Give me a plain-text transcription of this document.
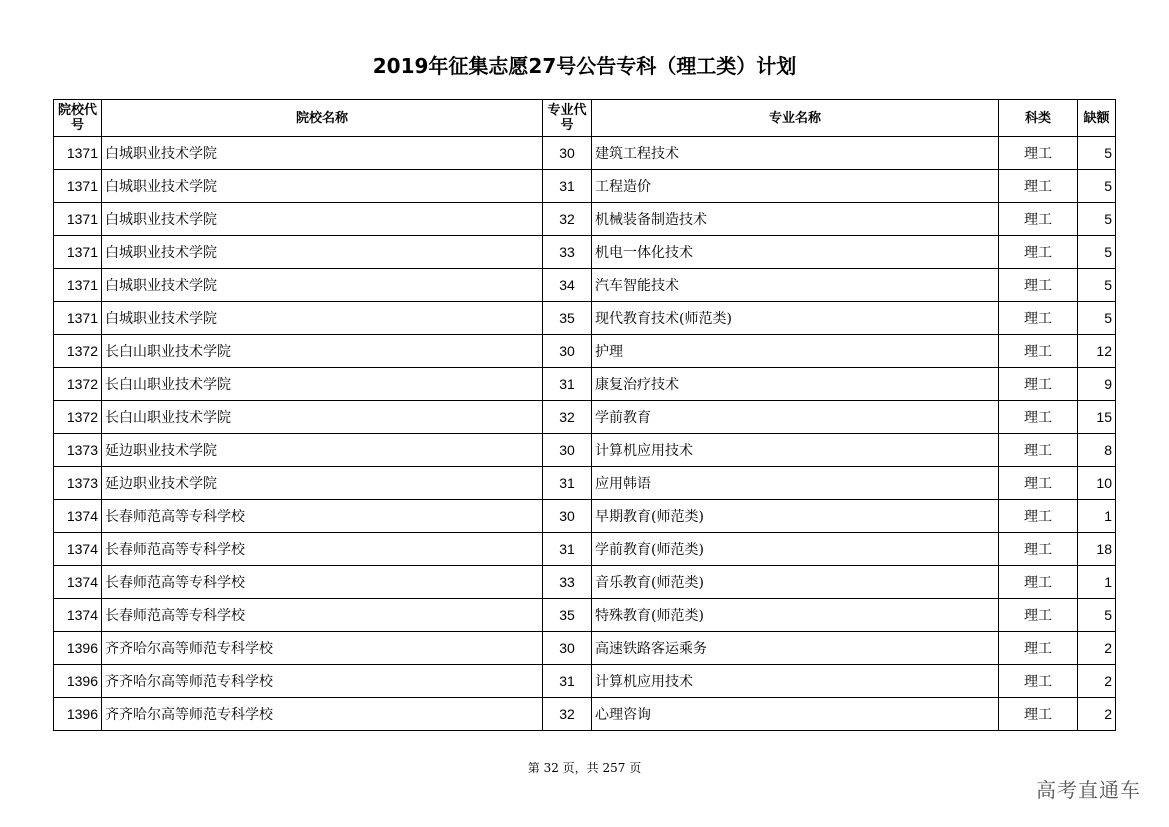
2019年征集志愿27号公告专科（理工类）计划
院校代号	院校名称	专业代号	专业名称	科类	缺额
1371	白城职业技术学院	30	建筑工程技术	理工	5
1371	白城职业技术学院	31	工程造价	理工	5
1371	白城职业技术学院	32	机械装备制造技术	理工	5
1371	白城职业技术学院	33	机电一体化技术	理工	5
1371	白城职业技术学院	34	汽车智能技术	理工	5
1371	白城职业技术学院	35	现代教育技术(师范类)	理工	5
1372	长白山职业技术学院	30	护理	理工	12
1372	长白山职业技术学院	31	康复治疗技术	理工	9
1372	长白山职业技术学院	32	学前教育	理工	15
1373	延边职业技术学院	30	计算机应用技术	理工	8
1373	延边职业技术学院	31	应用韩语	理工	10
1374	长春师范高等专科学校	30	早期教育(师范类)	理工	1
1374	长春师范高等专科学校	31	学前教育(师范类)	理工	18
1374	长春师范高等专科学校	33	音乐教育(师范类)	理工	1
1374	长春师范高等专科学校	35	特殊教育(师范类)	理工	5
1396	齐齐哈尔高等师范专科学校	30	高速铁路客运乘务	理工	2
1396	齐齐哈尔高等师范专科学校	31	计算机应用技术	理工	2
1396	齐齐哈尔高等师范专科学校	32	心理咨询	理工	2
第 32 页，共 257 页
高考直通车
